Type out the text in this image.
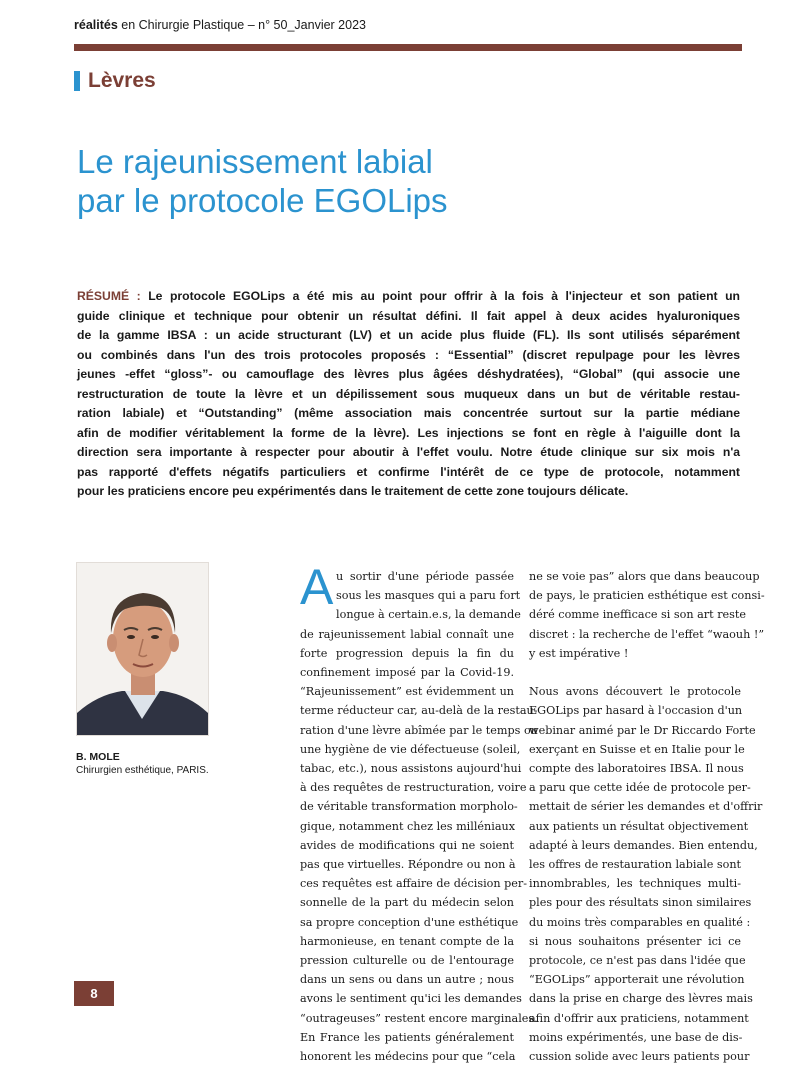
réalités en Chirurgie Plastique – n° 50_Janvier 2023
Lèvres
Le rajeunissement labial
par le protocole EGOLips
RÉSUMÉ : Le protocole EGOLips a été mis au point pour offrir à la fois à l'injecteur et son patient un
guide clinique et technique pour obtenir un résultat défini. Il fait appel à deux acides hyaluroniques
de la gamme IBSA : un acide structurant (LV) et un acide plus fluide (FL). Ils sont utilisés séparément
ou combinés dans l'un des trois protocoles proposés : “Essential” (discret repulpage pour les lèvres
jeunes -effet “gloss”- ou camouflage des lèvres plus âgées déshydratées), “Global” (qui associe une
restructuration de toute la lèvre et un dépilissement sous muqueux dans un but de véritable restau-
ration labiale) et “Outstanding” (même association mais concentrée surtout sur la partie médiane
afin de modifier véritablement la forme de la lèvre). Les injections se font en règle à l'aiguille dont la
direction sera importante à respecter pour aboutir à l'effet voulu. Notre étude clinique sur six mois n'a
pas rapporté d'effets négatifs particuliers et confirme l'intérêt de ce type de protocole, notamment
pour les praticiens encore peu expérimentés dans le traitement de cette zone toujours délicate.
B. MOLE
Chirurgien esthétique, PARIS.
A u sortir d'une période passée
sous les masques qui a paru fort
longue à certain.e.s, la demande
de rajeunissement labial connaît une
forte progression depuis la fin du
confinement imposé par la Covid-19.
“Rajeunissement” est évidemment un
terme réducteur car, au-delà de la restau-
ration d'une lèvre abîmée par le temps ou
une hygiène de vie défectueuse (soleil,
tabac, etc.), nous assistons aujourd'hui
à des requêtes de restructuration, voire
de véritable transformation morpholo-
gique, notamment chez les milléniaux
avides de modifications qui ne soient
pas que virtuelles. Répondre ou non à
ces requêtes est affaire de décision per-
sonnelle de la part du médecin selon
sa propre conception d'une esthétique
harmonieuse, en tenant compte de la
pression culturelle ou de l'entourage
dans un sens ou dans un autre ; nous
avons le sentiment qu'ici les demandes
“outrageuses” restent encore marginales.
En France les patients généralement
honorent les médecins pour que “cela
ne se voie pas” alors que dans beaucoup
de pays, le praticien esthétique est consi-
déré comme inefficace si son art reste
discret : la recherche de l'effet “waouh !”
y est impérative !
Nous avons découvert le protocole
EGOLips par hasard à l'occasion d'un
webinar animé par le Dr Riccardo Forte
exerçant en Suisse et en Italie pour le
compte des laboratoires IBSA. Il nous
a paru que cette idée de protocole per-
mettait de sérier les demandes et d'offrir
aux patients un résultat objectivement
adapté à leurs demandes. Bien entendu,
les offres de restauration labiale sont
innombrables, les techniques multi-
ples pour des résultats sinon similaires
du moins très comparables en qualité :
si nous souhaitons présenter ici ce
protocole, ce n'est pas dans l'idée que
“EGOLips” apporterait une révolution
dans la prise en charge des lèvres mais
afin d'offrir aux praticiens, notamment
moins expérimentés, une base de dis-
cussion solide avec leurs patients pour
8
